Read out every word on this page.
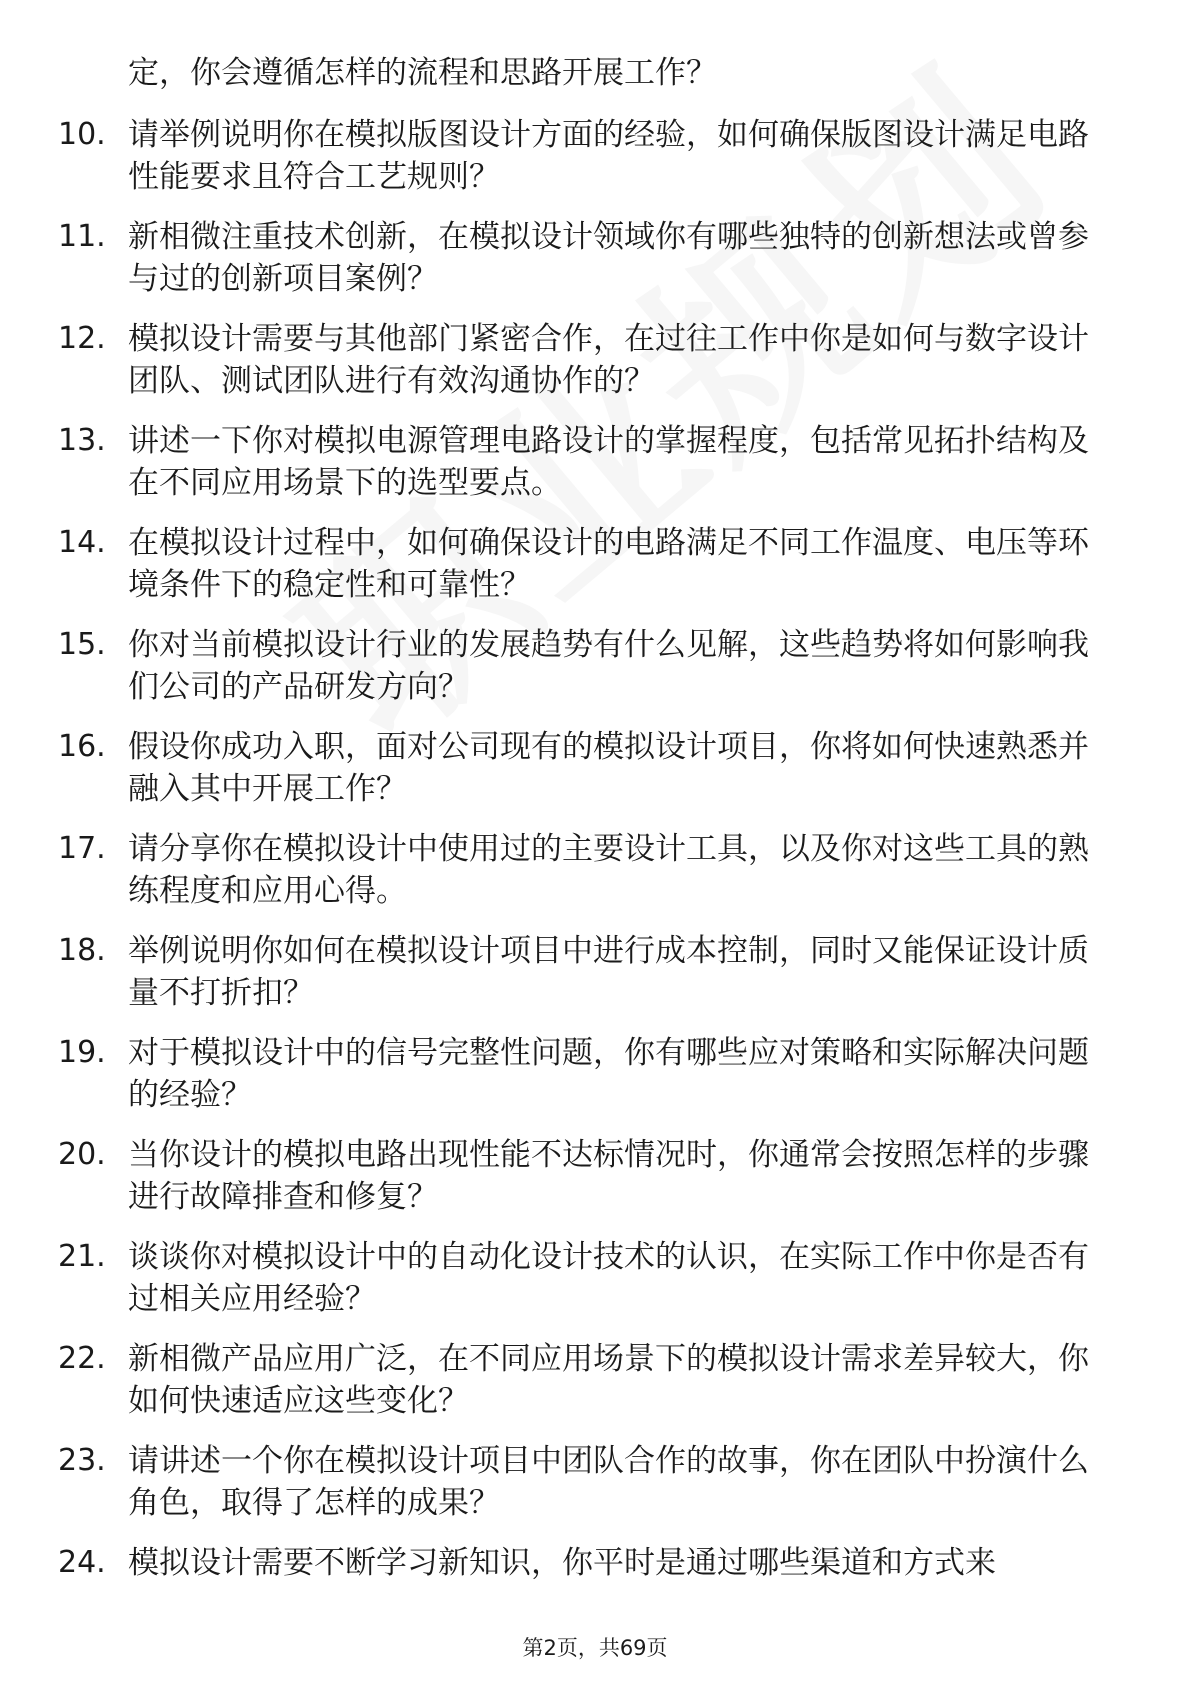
定，你会遵循怎样的流程和思路开展工作？

10. 请举例说明你在模拟版图设计方面的经验，如何确保版图设计满足电路性能要求且符合工艺规则？

11. 新相微注重技术创新，在模拟设计领域你有哪些独特的创新想法或曾参与过的创新项目案例？

12. 模拟设计需要与其他部门紧密合作，在过往工作中你是如何与数字设计团队、测试团队进行有效沟通协作的？

13. 讲述一下你对模拟电源管理电路设计的掌握程度，包括常见拓扑结构及在不同应用场景下的选型要点。

14. 在模拟设计过程中，如何确保设计的电路满足不同工作温度、电压等环境条件下的稳定性和可靠性？

15. 你对当前模拟设计行业的发展趋势有什么见解，这些趋势将如何影响我们公司的产品研发方向？

16. 假设你成功入职，面对公司现有的模拟设计项目，你将如何快速熟悉并融入其中开展工作？

17. 请分享你在模拟设计中使用过的主要设计工具，以及你对这些工具的熟练程度和应用心得。

18. 举例说明你如何在模拟设计项目中进行成本控制，同时又能保证设计质量不打折扣？

19. 对于模拟设计中的信号完整性问题，你有哪些应对策略和实际解决问题的经验？

20. 当你设计的模拟电路出现性能不达标情况时，你通常会按照怎样的步骤进行故障排查和修复？

21. 谈谈你对模拟设计中的自动化设计技术的认识，在实际工作中你是否有过相关应用经验？

22. 新相微产品应用广泛，在不同应用场景下的模拟设计需求差异较大，你如何快速适应这些变化？

23. 请讲述一个你在模拟设计项目中团队合作的故事，你在团队中扮演什么角色，取得了怎样的成果？

24. 模拟设计需要不断学习新知识，你平时是通过哪些渠道和方式来

第2页，共69页
